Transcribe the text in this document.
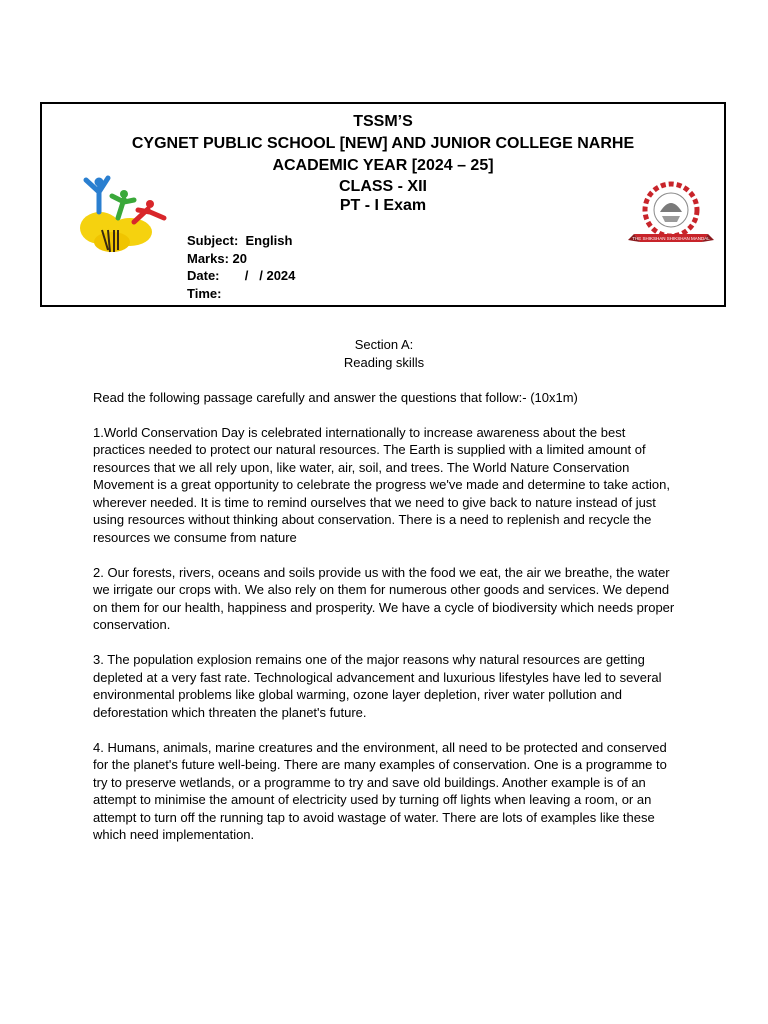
TSSM’S
CYGNET PUBLIC SCHOOL [NEW] AND JUNIOR COLLEGE NARHE
ACADEMIC YEAR [2024 – 25]
CLASS - XII
PT - I Exam
THE SHIKSHAN SHIKSHAN MANDAL
Subject:  English
Marks: 20
Date:       /   / 2024
Time:
Section A:
Reading skills
Read the following passage carefully and answer the questions that follow:- (10x1m)
1.World Conservation Day is celebrated internationally to increase awareness about the best practices needed to protect our natural resources. The Earth is supplied with a limited amount of resources that we all rely upon, like water, air, soil, and trees. The World Nature Conservation Movement is a great opportunity to celebrate the progress we've made and determine to take action, wherever needed. It is time to remind ourselves that we need to give back to nature instead of just using resources without thinking about conservation. There is a need to replenish and recycle the resources we consume from nature
2. Our forests, rivers, oceans and soils provide us with the food we eat, the air we breathe, the water we irrigate our crops with. We also rely on them for numerous other goods and services. We depend on them for our health, happiness and prosperity. We have a cycle of biodiversity which needs proper conservation.
3. The population explosion remains one of the major reasons why natural resources are getting depleted at a very fast rate. Technological advancement and luxurious lifestyles have led to several environmental problems like global warming, ozone layer depletion, river water pollution and deforestation which threaten the planet's future.
4. Humans, animals, marine creatures and the environment, all need to be protected and conserved for the planet's future well-being. There are many examples of conservation. One is a programme to try to preserve wetlands, or a programme to try and save old buildings. Another example is of an attempt to minimise the amount of electricity used by turning off lights when leaving a room, or an attempt to turn off the running tap to avoid wastage of water. There are lots of examples like these which need implementation.
